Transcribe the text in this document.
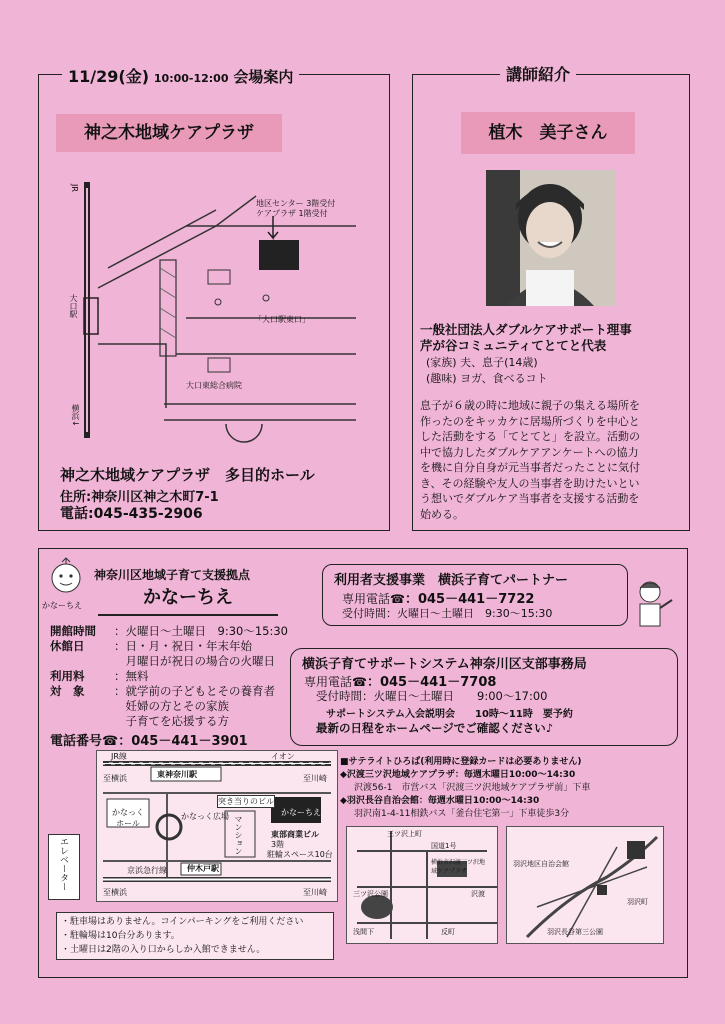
11/29(金) 10:00-12:00 会場案内
神之木地域ケアプラザ
JR
大口駅
横浜↓
地区センター 3階受付
ケアプラザ 1階受付
「大口駅東口」
大口東総合病院
神之木地域ケアプラザ　多目的ホール
住所:神奈川区神之木町7-1
電話:045-435-2906
講師紹介
植木　美子さん
一般社団法人ダブルケアサポート理事
芹が谷コミュニティてとてと代表
(家族) 夫、息子(14歳)
(趣味) ヨガ、食べるコト
息子が６歳の時に地域に親子の集える場所を
作ったのをキッカケに居場所づくりを中心と
した活動をする「てとてと」を設立。活動の
中で協力したダブルケアアンケートへの協力
を機に自分自身が元当事者だったことに気付
き、その経験や友人の当事者を助けたいとい
う想いでダブルケア当事者を支援する活動を
始める。
かなーちえ
神奈川区地域子育て支援拠点
かなーちえ
開館時間 ：火曜日～土曜日　9:30～15:30
休館日	：日・月・祝日・年末年始
　月曜日が祝日の場合の火曜日
利用料	：無料
対　象	：就学前の子どもとその養育者
　妊婦の方とその家族
　子育てを応援する方
電話番号☎：045－441－3901
利用者支援事業　横浜子育てパートナー
専用電話☎：045－441－7722
受付時間：火曜日～土曜日　9:30～15:30
横浜子育てサポートシステム神奈川区支部事務局
専用電話☎：045－441－7708
受付時間：火曜日～土曜日　　9:00～17:00
サポートシステム入会説明会　　10時～11時　要予約
最新の日程をホームページでご確認ください♪
JR線
東神奈川駅
イオン
至横浜	至川崎
かなっくホール
かなっく広場
突き当りのビル
かなーちえ
マンション	東部商業ビル
3階
駐輪スペース10台
京浜急行線	仲木戸駅
至横浜	至川崎
エレベーター
・駐車場はありません。コインパーキングをご利用ください
・駐輪場は10台分あります。
・土曜日は2階の入り口からしか入館できません。
■サテライトひろば(利用時に登録カードは必要ありません)
◆沢渡三ツ沢地域ケアプラザ：毎週木曜日10:00～14:30
沢渡56-1　市営バス「沢渡三ツ沢地域ケアプラザ前」下車
◆羽沢長谷自治会館：毎週水曜日10:00～14:30
羽沢南1-4-11相鉄バス「釜台住宅第一」下車徒歩3分
三ツ沢上町
国道1号
横浜市沢渡三ツ沢地域ケアプラザ
沢渡
三ツ沢公園
浅間下	反町
羽沢地区自治会館
羽沢長谷第三公園
羽沢町
